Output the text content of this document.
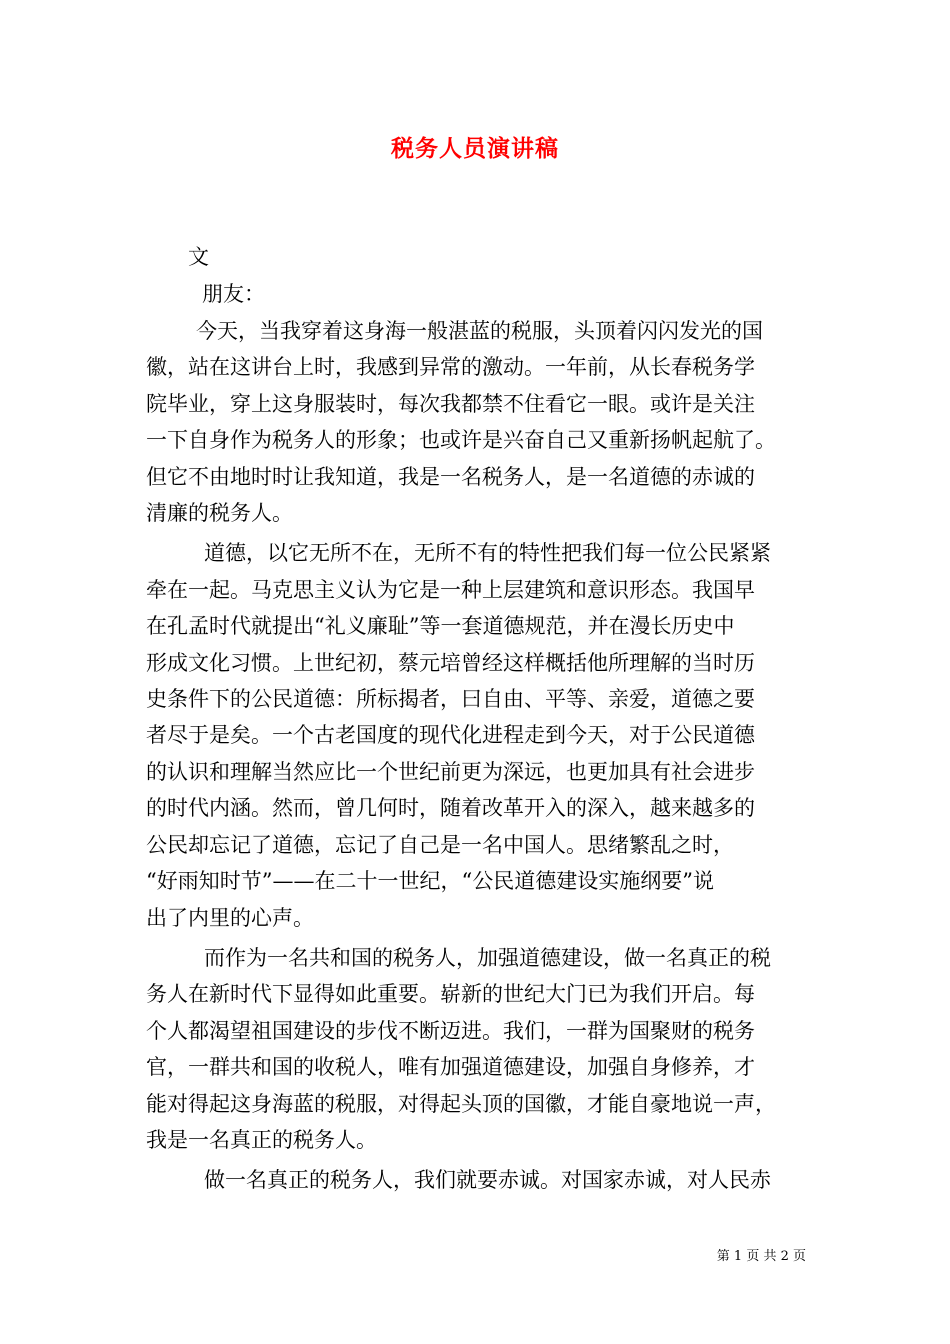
税务人员演讲稿
文
朋友：
今天，当我穿着这身海一般湛蓝的税服，头顶着闪闪发光的国
徽，站在这讲台上时，我感到异常的激动。一年前，从长春税务学
院毕业，穿上这身服装时，每次我都禁不住看它一眼。或许是关注
一下自身作为税务人的形象；也或许是兴奋自己又重新扬帆起航了。
但它不由地时时让我知道，我是一名税务人，是一名道德的赤诚的
清廉的税务人。
道德，以它无所不在，无所不有的特性把我们每一位公民紧紧
牵在一起。马克思主义认为它是一种上层建筑和意识形态。我国早
在孔孟时代就提出“礼义廉耻”等一套道德规范，并在漫长历史中
形成文化习惯。上世纪初，蔡元培曾经这样概括他所理解的当时历
史条件下的公民道德：所标揭者，曰自由、平等、亲爱，道德之要
者尽于是矣。一个古老国度的现代化进程走到今天，对于公民道德
的认识和理解当然应比一个世纪前更为深远，也更加具有社会进步
的时代内涵。然而，曾几何时，随着改革开入的深入，越来越多的
公民却忘记了道德，忘记了自己是一名中国人。思绪繁乱之时，
“好雨知时节”——在二十一世纪，“公民道德建设实施纲要”说
出了内里的心声。
而作为一名共和国的税务人，加强道德建设，做一名真正的税
务人在新时代下显得如此重要。崭新的世纪大门已为我们开启。每
个人都渴望祖国建设的步伐不断迈进。我们，一群为国聚财的税务
官，一群共和国的收税人，唯有加强道德建设，加强自身修养，才
能对得起这身海蓝的税服，对得起头顶的国徽，才能自豪地说一声，
我是一名真正的税务人。
做一名真正的税务人，我们就要赤诚。对国家赤诚，对人民赤
第 1 页 共 2 页
